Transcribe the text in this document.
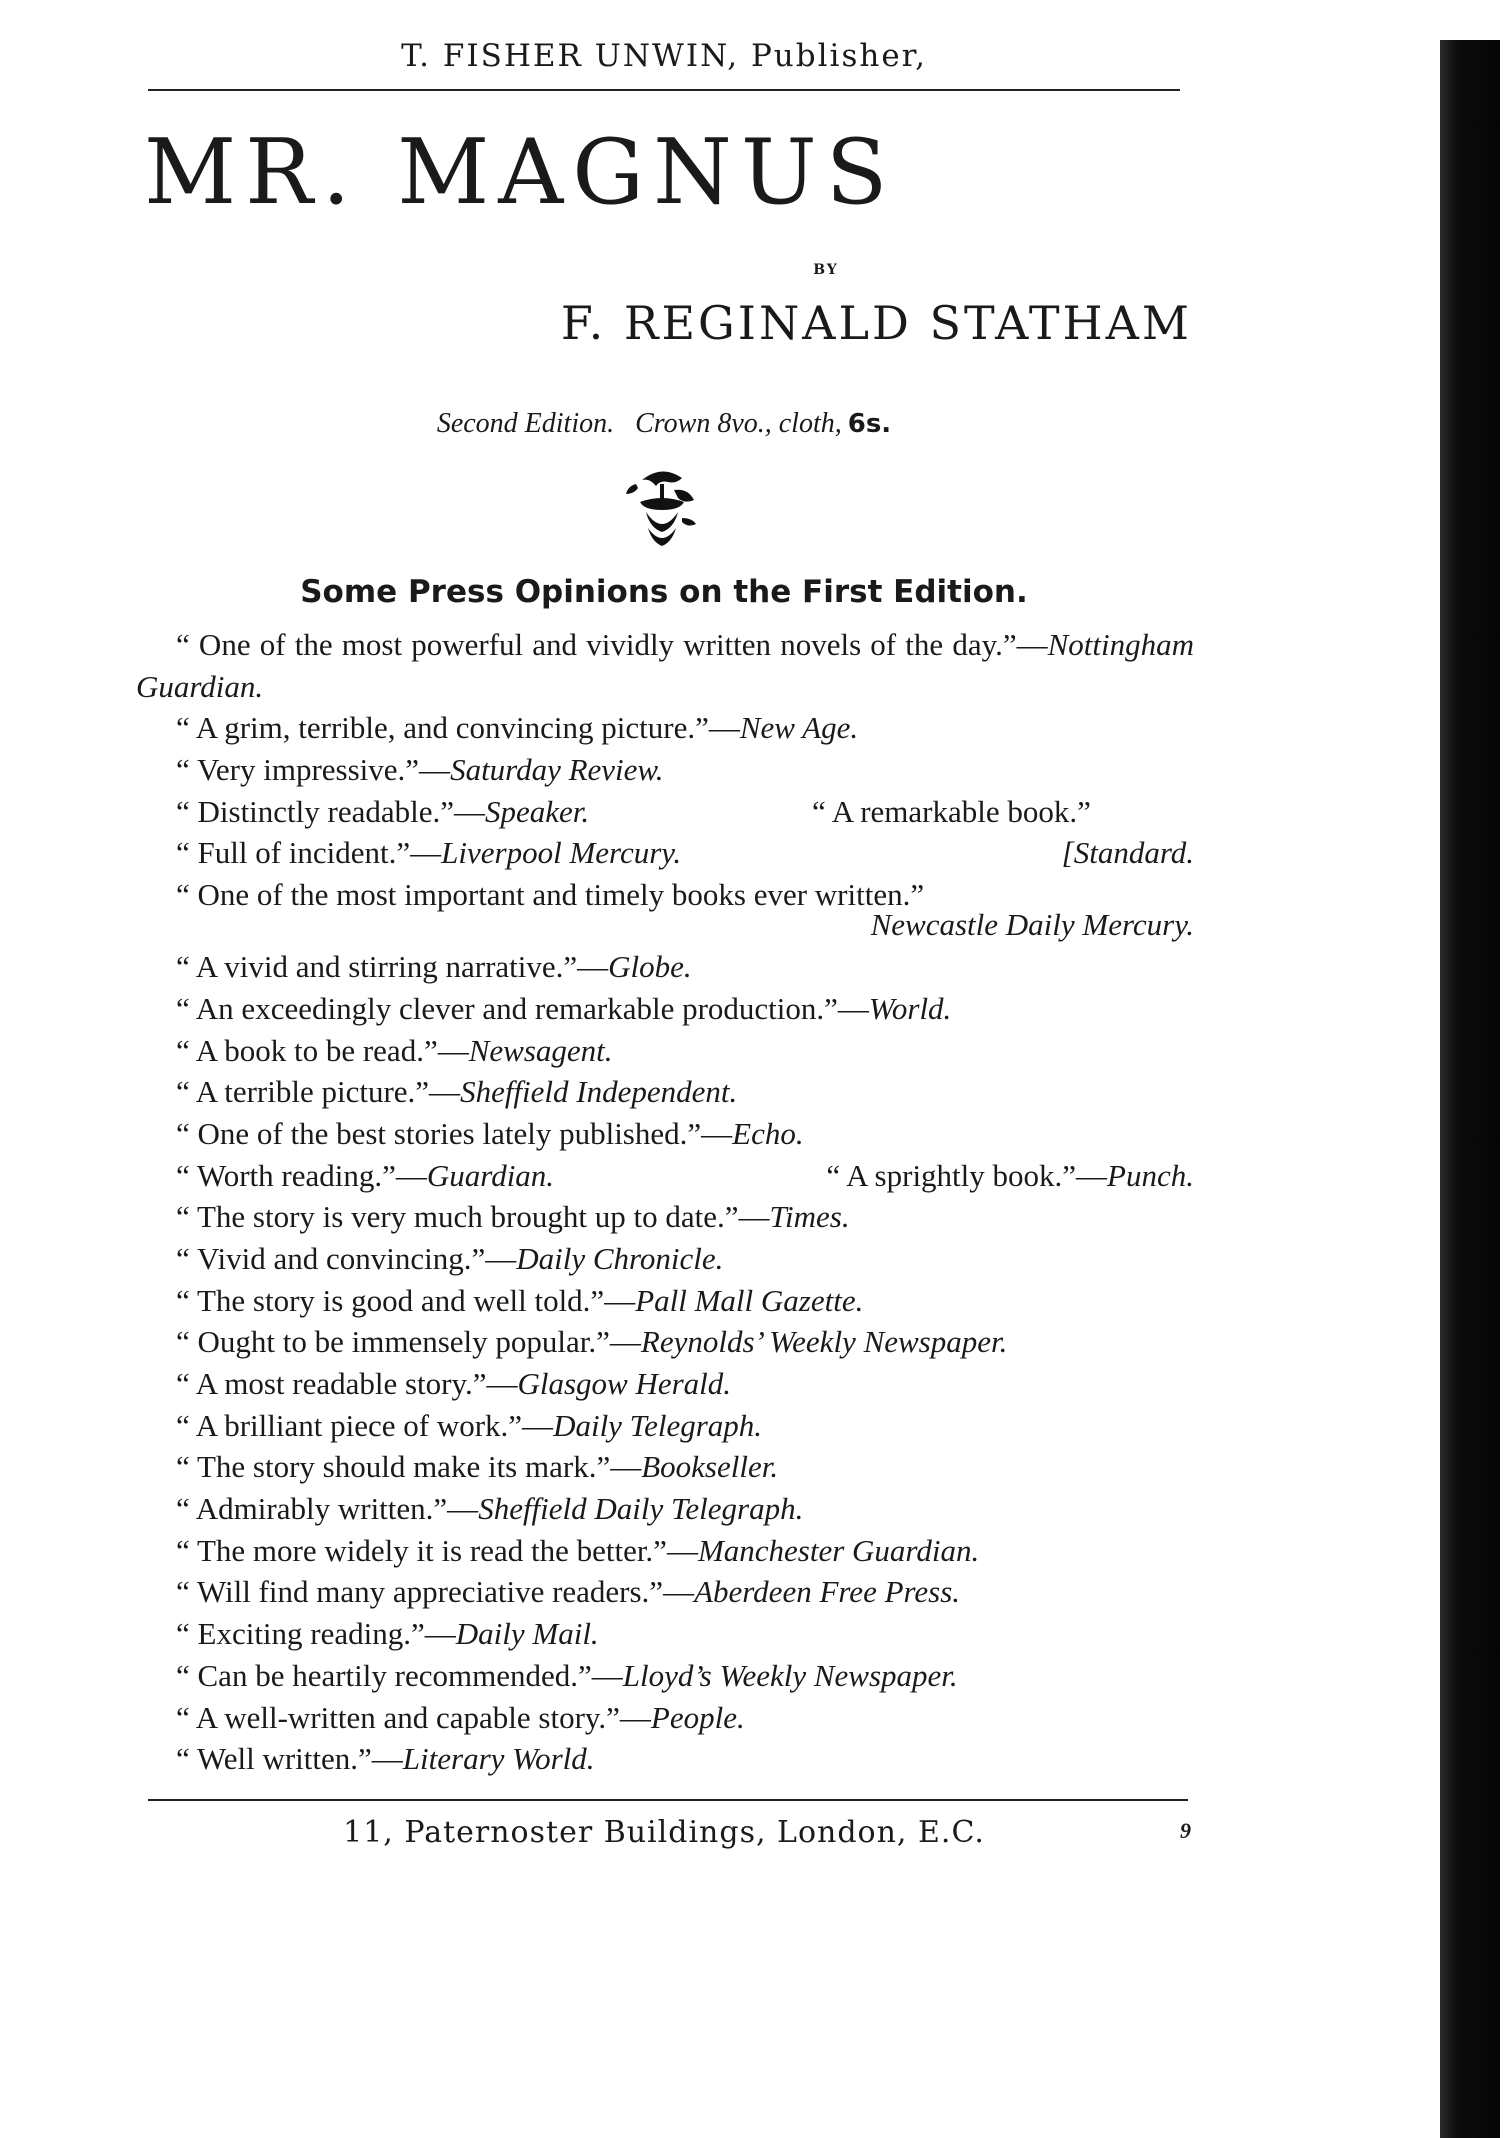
T. FISHER UNWIN, Publisher,
MR. MAGNUS
BY
F. REGINALD STATHAM
Second Edition.   Crown 8vo., cloth, 6s.
Some Press Opinions on the First Edition.
“ One of the most powerful and vividly written novels of the day.”—Nottingham Guardian.
“ A grim, terrible, and convincing picture.”—New Age.
“ Very impressive.”—Saturday Review.
“ Distinctly readable.”—Speaker.	“ A remarkable book.”
“ Full of incident.”—Liverpool Mercury.	[Standard.
“ One of the most important and timely books ever written.”
Newcastle Daily Mercury.
“ A vivid and stirring narrative.”—Globe.
“ An exceedingly clever and remarkable production.”—World.
“ A book to be read.”—Newsagent.
“ A terrible picture.”—Sheffield Independent.
“ One of the best stories lately published.”—Echo.
“ Worth reading.”—Guardian.	“ A sprightly book.”—Punch.
“ The story is very much brought up to date.”—Times.
“ Vivid and convincing.”—Daily Chronicle.
“ The story is good and well told.”—Pall Mall Gazette.
“ Ought to be immensely popular.”—Reynolds’ Weekly Newspaper.
“ A most readable story.”—Glasgow Herald.
“ A brilliant piece of work.”—Daily Telegraph.
“ The story should make its mark.”—Bookseller.
“ Admirably written.”—Sheffield Daily Telegraph.
“ The more widely it is read the better.”—Manchester Guardian.
“ Will find many appreciative readers.”—Aberdeen Free Press.
“ Exciting reading.”—Daily Mail.
“ Can be heartily recommended.”—Lloyd’s Weekly Newspaper.
“ A well-written and capable story.”—People.
“ Well written.”—Literary World.
11, Paternoster Buildings, London, E.C.	9
